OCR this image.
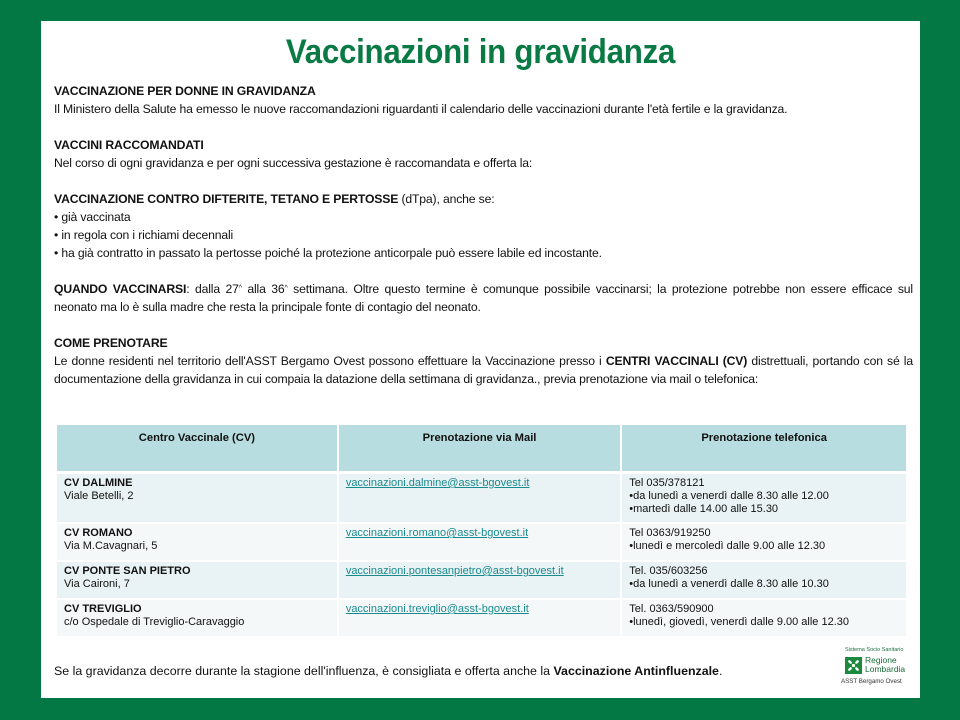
Vaccinazioni in gravidanza

VACCINAZIONE PER DONNE IN GRAVIDANZA

Il Ministero della Salute ha emesso le nuove raccomandazioni riguardanti il calendario delle vaccinazioni durante l'età fertile e la gravidanza.

VACCINI RACCOMANDATI

Nel corso di ogni gravidanza e per ogni successiva gestazione è raccomandata e offerta la:

VACCINAZIONE CONTRO DIFTERITE, TETANO E PERTOSSE (dTpa), anche se:

• già vaccinata

• in regola con i richiami decennali

• ha già contratto in passato la pertosse poiché la protezione anticorpale può essere labile ed incostante.

QUANDO VACCINARSI: dalla 27^ alla 36^ settimana. Oltre questo termine è comunque possibile vaccinarsi; la protezione potrebbe non essere efficace sul neonato ma lo è sulla madre che resta la principale fonte di contagio del neonato.

COME PRENOTARE

Le donne residenti nel territorio dell'ASST Bergamo Ovest possono effettuare la Vaccinazione presso i CENTRI VACCINALI (CV) distrettuali, portando con sé la documentazione della gravidanza in cui compaia la datazione della settimana di gravidanza., previa prenotazione via mail o telefonica:

Centro Vaccinale (CV)	Prenotazione via Mail	Prenotazione telefonica
CV DALMINE
Viale Betelli, 2	vaccinazioni.dalmine@asst-bgovest.it	Tel 035/378121
•da lunedì a venerdì dalle 8.30 alle 12.00
•martedì dalle 14.00 alle 15.30
CV ROMANO
Via M.Cavagnari, 5	vaccinazioni.romano@asst-bgovest.it	Tel 0363/919250
•lunedì e mercoledì dalle 9.00 alle 12.30
CV PONTE SAN PIETRO
Via Caironi, 7	vaccinazioni.pontesanpietro@asst-bgovest.it	Tel. 035/603256
•da lunedì a venerdì dalle 8.30 alle 10.30
CV TREVIGLIO
c/o Ospedale di Treviglio-Caravaggio	vaccinazioni.treviglio@asst-bgovest.it	Tel. 0363/590900
•lunedì, giovedì, venerdì dalle 9.00 alle 12.30
Se la gravidanza decorre durante la stagione dell'influenza, è consigliata e offerta anche la Vaccinazione Antinfluenzale.
Sistema Socio Sanitario
Regione
Lombardia
ASST Bergamo Ovest
